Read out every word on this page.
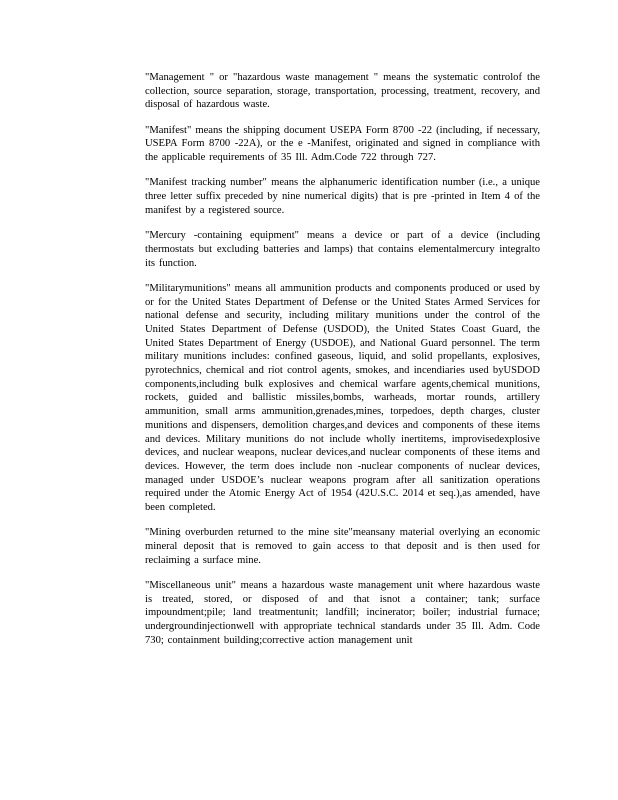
"Management " or "hazardous waste management " means the systematic controlof the collection, source separation, storage, transportation, processing, treatment, recovery, and disposal of hazardous waste.

"Manifest" means the shipping document USEPA Form 8700 -22 (including, if necessary, USEPA Form 8700 -22A), or the e -Manifest, originated and signed in compliance with the applicable requirements of 35 Ill. Adm.Code 722 through 727.

"Manifest tracking number" means the alphanumeric identification number (i.e., a unique three letter suffix preceded by nine numerical digits) that is pre -printed in Item 4 of the manifest by a registered source.

"Mercury -containing equipment" means a device or part of a device (including thermostats but excluding batteries and lamps) that contains elementalmercury integralto its function.

"Militarymunitions" means all ammunition products and components produced or used by or for the United States Department of Defense or the United States Armed Services for national defense and security, including military munitions under the control of the United States Department of Defense (USDOD), the United States Coast Guard, the United States Department of Energy (USDOE), and National Guard personnel. The term military munitions includes: confined gaseous, liquid, and solid propellants, explosives, pyrotechnics, chemical and riot control agents, smokes, and incendiaries used byUSDOD components,including bulk explosives and chemical warfare agents,chemical munitions, rockets, guided and ballistic missiles,bombs, warheads, mortar rounds, artillery ammunition, small arms ammunition,grenades,mines, torpedoes, depth charges, cluster munitions and dispensers, demolition charges,and devices and components of these items and devices. Military munitions do not include wholly inertitems, improvisedexplosive devices, and nuclear weapons, nuclear devices,and nuclear components of these items and devices. However, the term does include non -nuclear components of nuclear devices, managed under USDOE’s nuclear weapons program after all sanitization operations required under the Atomic Energy Act of 1954 (42U.S.C. 2014 et seq.),as amended, have been completed.

"Mining overburden returned to the mine site"meansany material overlying an economic mineral deposit that is removed to gain access to that deposit and is then used for reclaiming a surface mine.

"Miscellaneous unit" means a hazardous waste management unit where hazardous waste is treated, stored, or disposed of and that isnot a container; tank; surface impoundment;pile; land treatmentunit; landfill; incinerator; boiler; industrial furnace; undergroundinjectionwell with appropriate technical standards under 35 Ill. Adm. Code 730; containment building;corrective action management unit
